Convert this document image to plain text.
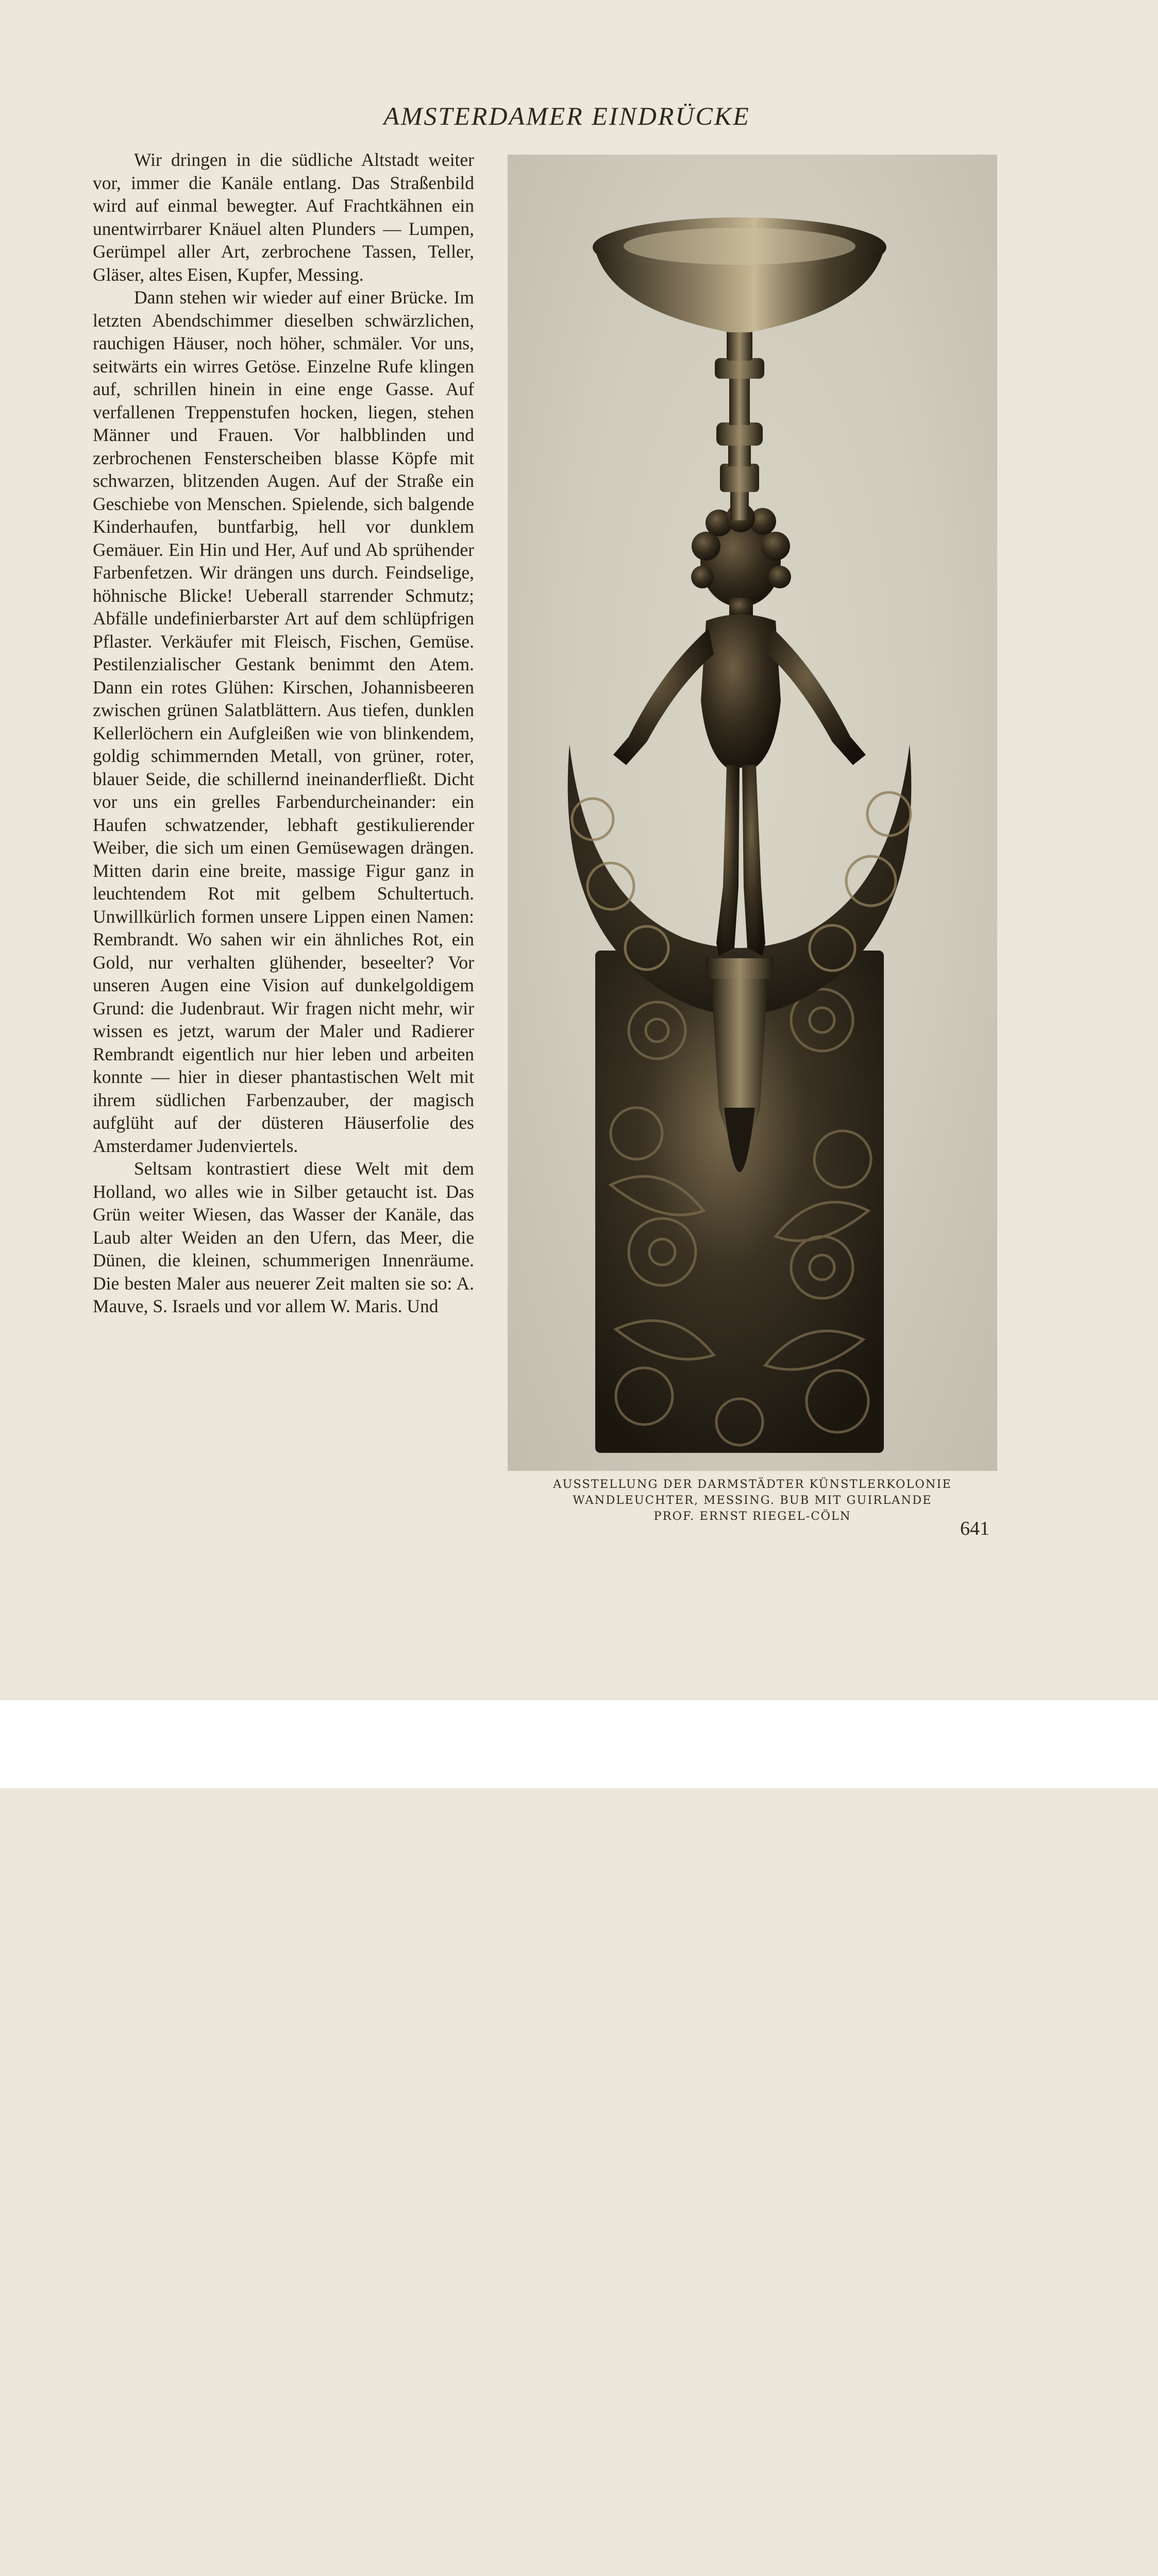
AMSTERDAMER EINDRÜCKE

Wir dringen in die südliche Altstadt weiter vor, immer die Kanäle entlang. Das Straßenbild wird auf einmal bewegter. Auf Frachtkähnen ein unentwirrbarer Knäuel alten Plunders — Lumpen, Gerümpel aller Art, zerbrochene Tassen, Teller, Gläser, altes Eisen, Kupfer, Messing.

Dann stehen wir wieder auf einer Brücke. Im letzten Abendschimmer dieselben schwärzlichen, rauchigen Häuser, noch höher, schmäler. Vor uns, seitwärts ein wirres Getöse. Einzelne Rufe klingen auf, schrillen hinein in eine enge Gasse. Auf verfallenen Treppenstufen hocken, liegen, stehen Männer und Frauen. Vor halbblinden und zerbrochenen Fensterscheiben blasse Köpfe mit schwarzen, blitzenden Augen. Auf der Straße ein Geschiebe von Menschen. Spielende, sich balgende Kinderhaufen, buntfarbig, hell vor dunklem Gemäuer. Ein Hin und Her, Auf und Ab sprühender Farbenfetzen. Wir drängen uns durch. Feindselige, höhnische Blicke! Ueberall starrender Schmutz; Abfälle undefinierbarster Art auf dem schlüpfrigen Pflaster. Verkäufer mit Fleisch, Fischen, Gemüse. Pestilenzialischer Gestank benimmt den Atem. Dann ein rotes Glühen: Kirschen, Johannisbeeren zwischen grünen Salatblättern. Aus tiefen, dunklen Kellerlöchern ein Aufgleißen wie von blinkendem, goldig schimmernden Metall, von grüner, roter, blauer Seide, die schillernd ineinanderfließt. Dicht vor uns ein grelles Farbendurcheinander: ein Haufen schwatzender, lebhaft gestikulierender Weiber, die sich um einen Gemüsewagen drängen. Mitten darin eine breite, massige Figur ganz in leuchtendem Rot mit gelbem Schultertuch. Unwillkürlich formen unsere Lippen einen Namen: Rembrandt. Wo sahen wir ein ähnliches Rot, ein Gold, nur verhalten glühender, beseelter? Vor unseren Augen eine Vision auf dunkelgoldigem Grund: die Judenbraut. Wir fragen nicht mehr, wir wissen es jetzt, warum der Maler und Radierer Rembrandt eigentlich nur hier leben und arbeiten konnte — hier in dieser phantastischen Welt mit ihrem südlichen Farbenzauber, der magisch aufglüht auf der düsteren Häuserfolie des Amsterdamer Judenviertels.

Seltsam kontrastiert diese Welt mit dem Holland, wo alles wie in Silber getaucht ist. Das Grün weiter Wiesen, das Wasser der Kanäle, das Laub alter Weiden an den Ufern, das Meer, die Dünen, die kleinen, schummerigen Innenräume. Die besten Maler aus neuerer Zeit malten sie so: A. Mauve, S. Israels und vor allem W. Maris. Und

AUSSTELLUNG DER DARMSTÄDTER KÜNSTLERKOLONIE
WANDLEUCHTER, MESSING. BUB MIT GUIRLANDE
PROF. ERNST RIEGEL-CÖLN
641
